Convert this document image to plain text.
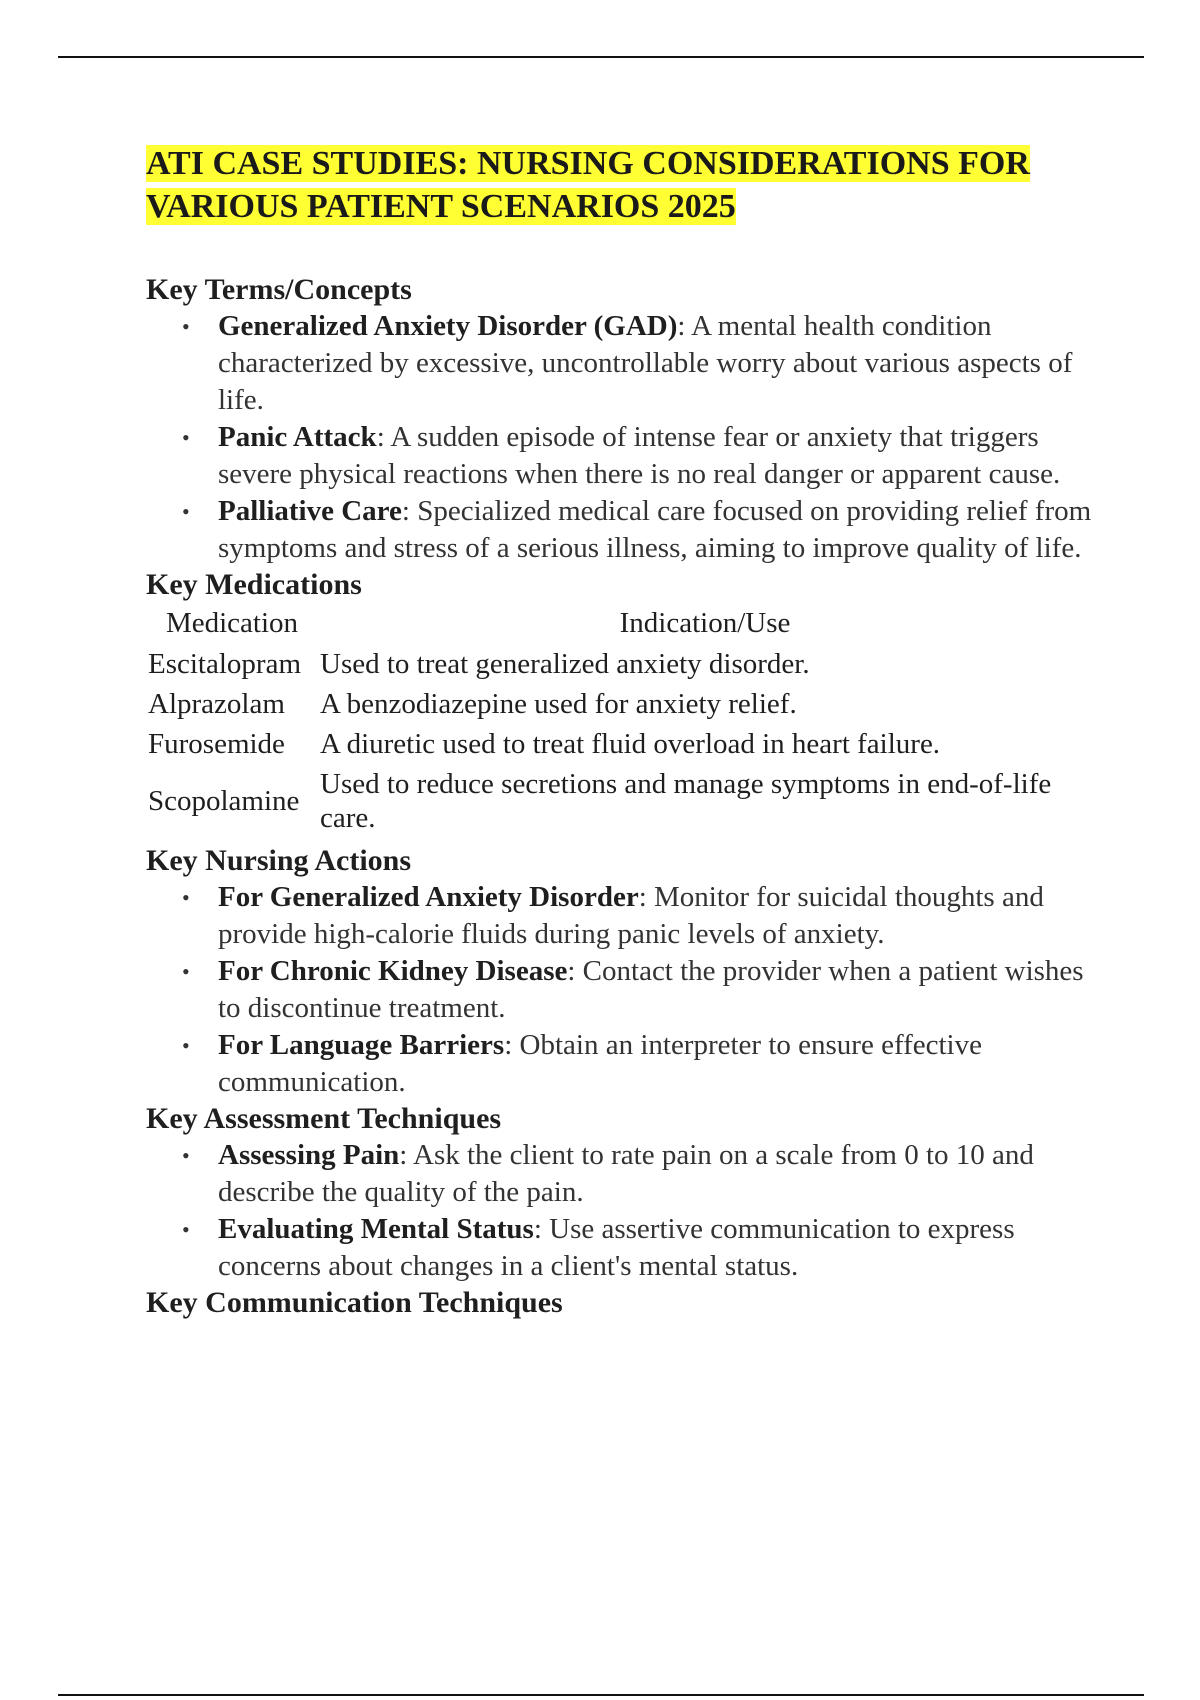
ATI CASE STUDIES: NURSING CONSIDERATIONS FOR VARIOUS PATIENT SCENARIOS 2025
Key Terms/Concepts
• Generalized Anxiety Disorder (GAD): A mental health condition characterized by excessive, uncontrollable worry about various aspects of life.
• Panic Attack: A sudden episode of intense fear or anxiety that triggers severe physical reactions when there is no real danger or apparent cause.
• Palliative Care: Specialized medical care focused on providing relief from symptoms and stress of a serious illness, aiming to improve quality of life.
Key Medications
Medication	Indication/Use
Escitalopram	Used to treat generalized anxiety disorder.
Alprazolam	A benzodiazepine used for anxiety relief.
Furosemide	A diuretic used to treat fluid overload in heart failure.
Scopolamine	Used to reduce secretions and manage symptoms in end-of-life care.
Key Nursing Actions
• For Generalized Anxiety Disorder: Monitor for suicidal thoughts and provide high-calorie fluids during panic levels of anxiety.
• For Chronic Kidney Disease: Contact the provider when a patient wishes to discontinue treatment.
• For Language Barriers: Obtain an interpreter to ensure effective communication.
Key Assessment Techniques
• Assessing Pain: Ask the client to rate pain on a scale from 0 to 10 and describe the quality of the pain.
• Evaluating Mental Status: Use assertive communication to express concerns about changes in a client's mental status.
Key Communication Techniques
